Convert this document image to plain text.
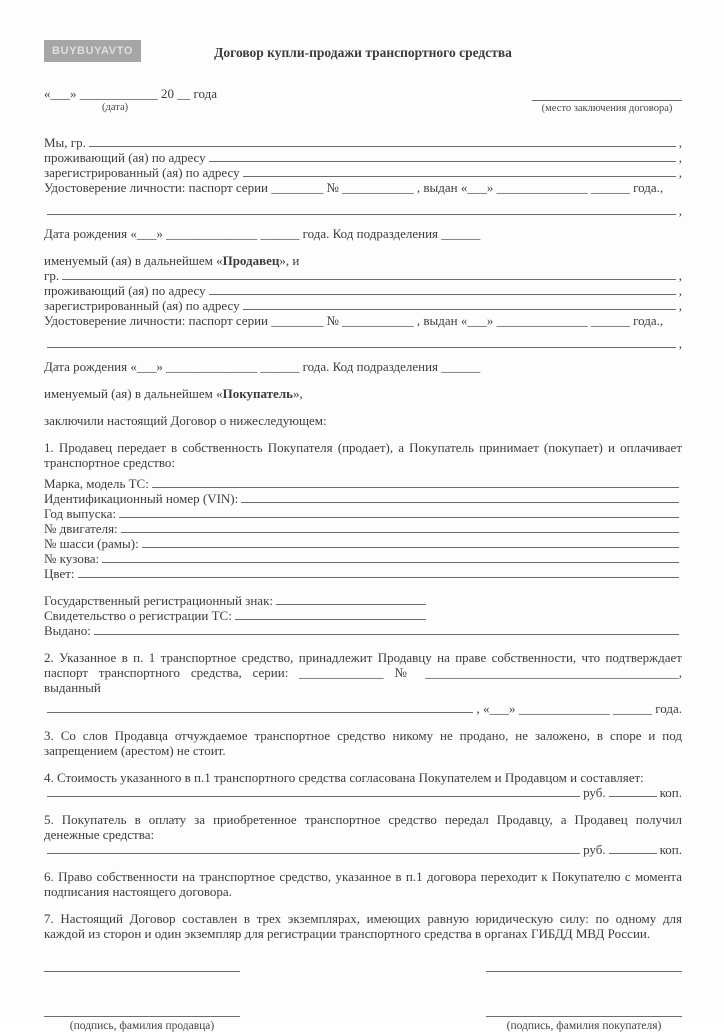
BUYBUYAVTO	Договор купли-продажи транспортного средства
«___» ____________ 20 __ года
(дата)	(место заключения договора)
Мы, гр.	,
проживающий (ая) по адресу	,
зарегистрированный (ая) по адресу	,
Удостоверение личности: паспорт серии ________ № ___________ , выдан «___» ______________ ______ года.,
,
Дата рождения «___» ______________ ______ года. Код подразделения ______

именуемый (ая) в дальнейшем «Продавец», и

гр.	,
проживающий (ая) по адресу	,
зарегистрированный (ая) по адресу	,
Удостоверение личности: паспорт серии ________ № ___________ , выдан «___» ______________ ______ года.,
,
Дата рождения «___» ______________ ______ года. Код подразделения ______

именуемый (ая) в дальнейшем «Покупатель»,

заключили настоящий Договор о нижеследующем:

1. Продавец передает в собственность Покупателя (продает), а Покупатель принимает (покупает) и оплачивает транспортное средство:

Марка, модель ТС:
Идентификационный номер (VIN):
Год выпуска:
№ двигателя:
№ шасси (рамы):
№ кузова:
Цвет:
Государственный регистрационный знак:
Свидетельство о регистрации ТС:
Выдано:

2. Указанное в п. 1 транспортное средство, принадлежит Продавцу на праве собственности, что подтверждает паспорт транспортного средства, серии: _____________ № _______________________________________, выданный

, «___» ______________ ______ года.

3. Со слов Продавца отчуждаемое транспортное средство никому не продано, не заложено, в споре и под запрещением (арестом) не стоит.

4. Стоимость указанного в п.1 транспортного средства согласована Покупателем и Продавцом и составляет:

руб.	коп.

5. Покупатель в оплату за приобретенное транспортное средство передал Продавцу, а Продавец получил денежные средства:

руб.	коп.

6. Право собственности на транспортное средство, указанное в п.1 договора переходит к Покупателю с момента подписания настоящего договора.

7. Настоящий Договор составлен в трех экземплярах, имеющих равную юридическую силу: по одному для каждой из сторон и один экземпляр для регистрации транспортного средства в органах ГИБДД МВД России.

(подпись, фамилия продавца)	(подпись, фамилия покупателя)
